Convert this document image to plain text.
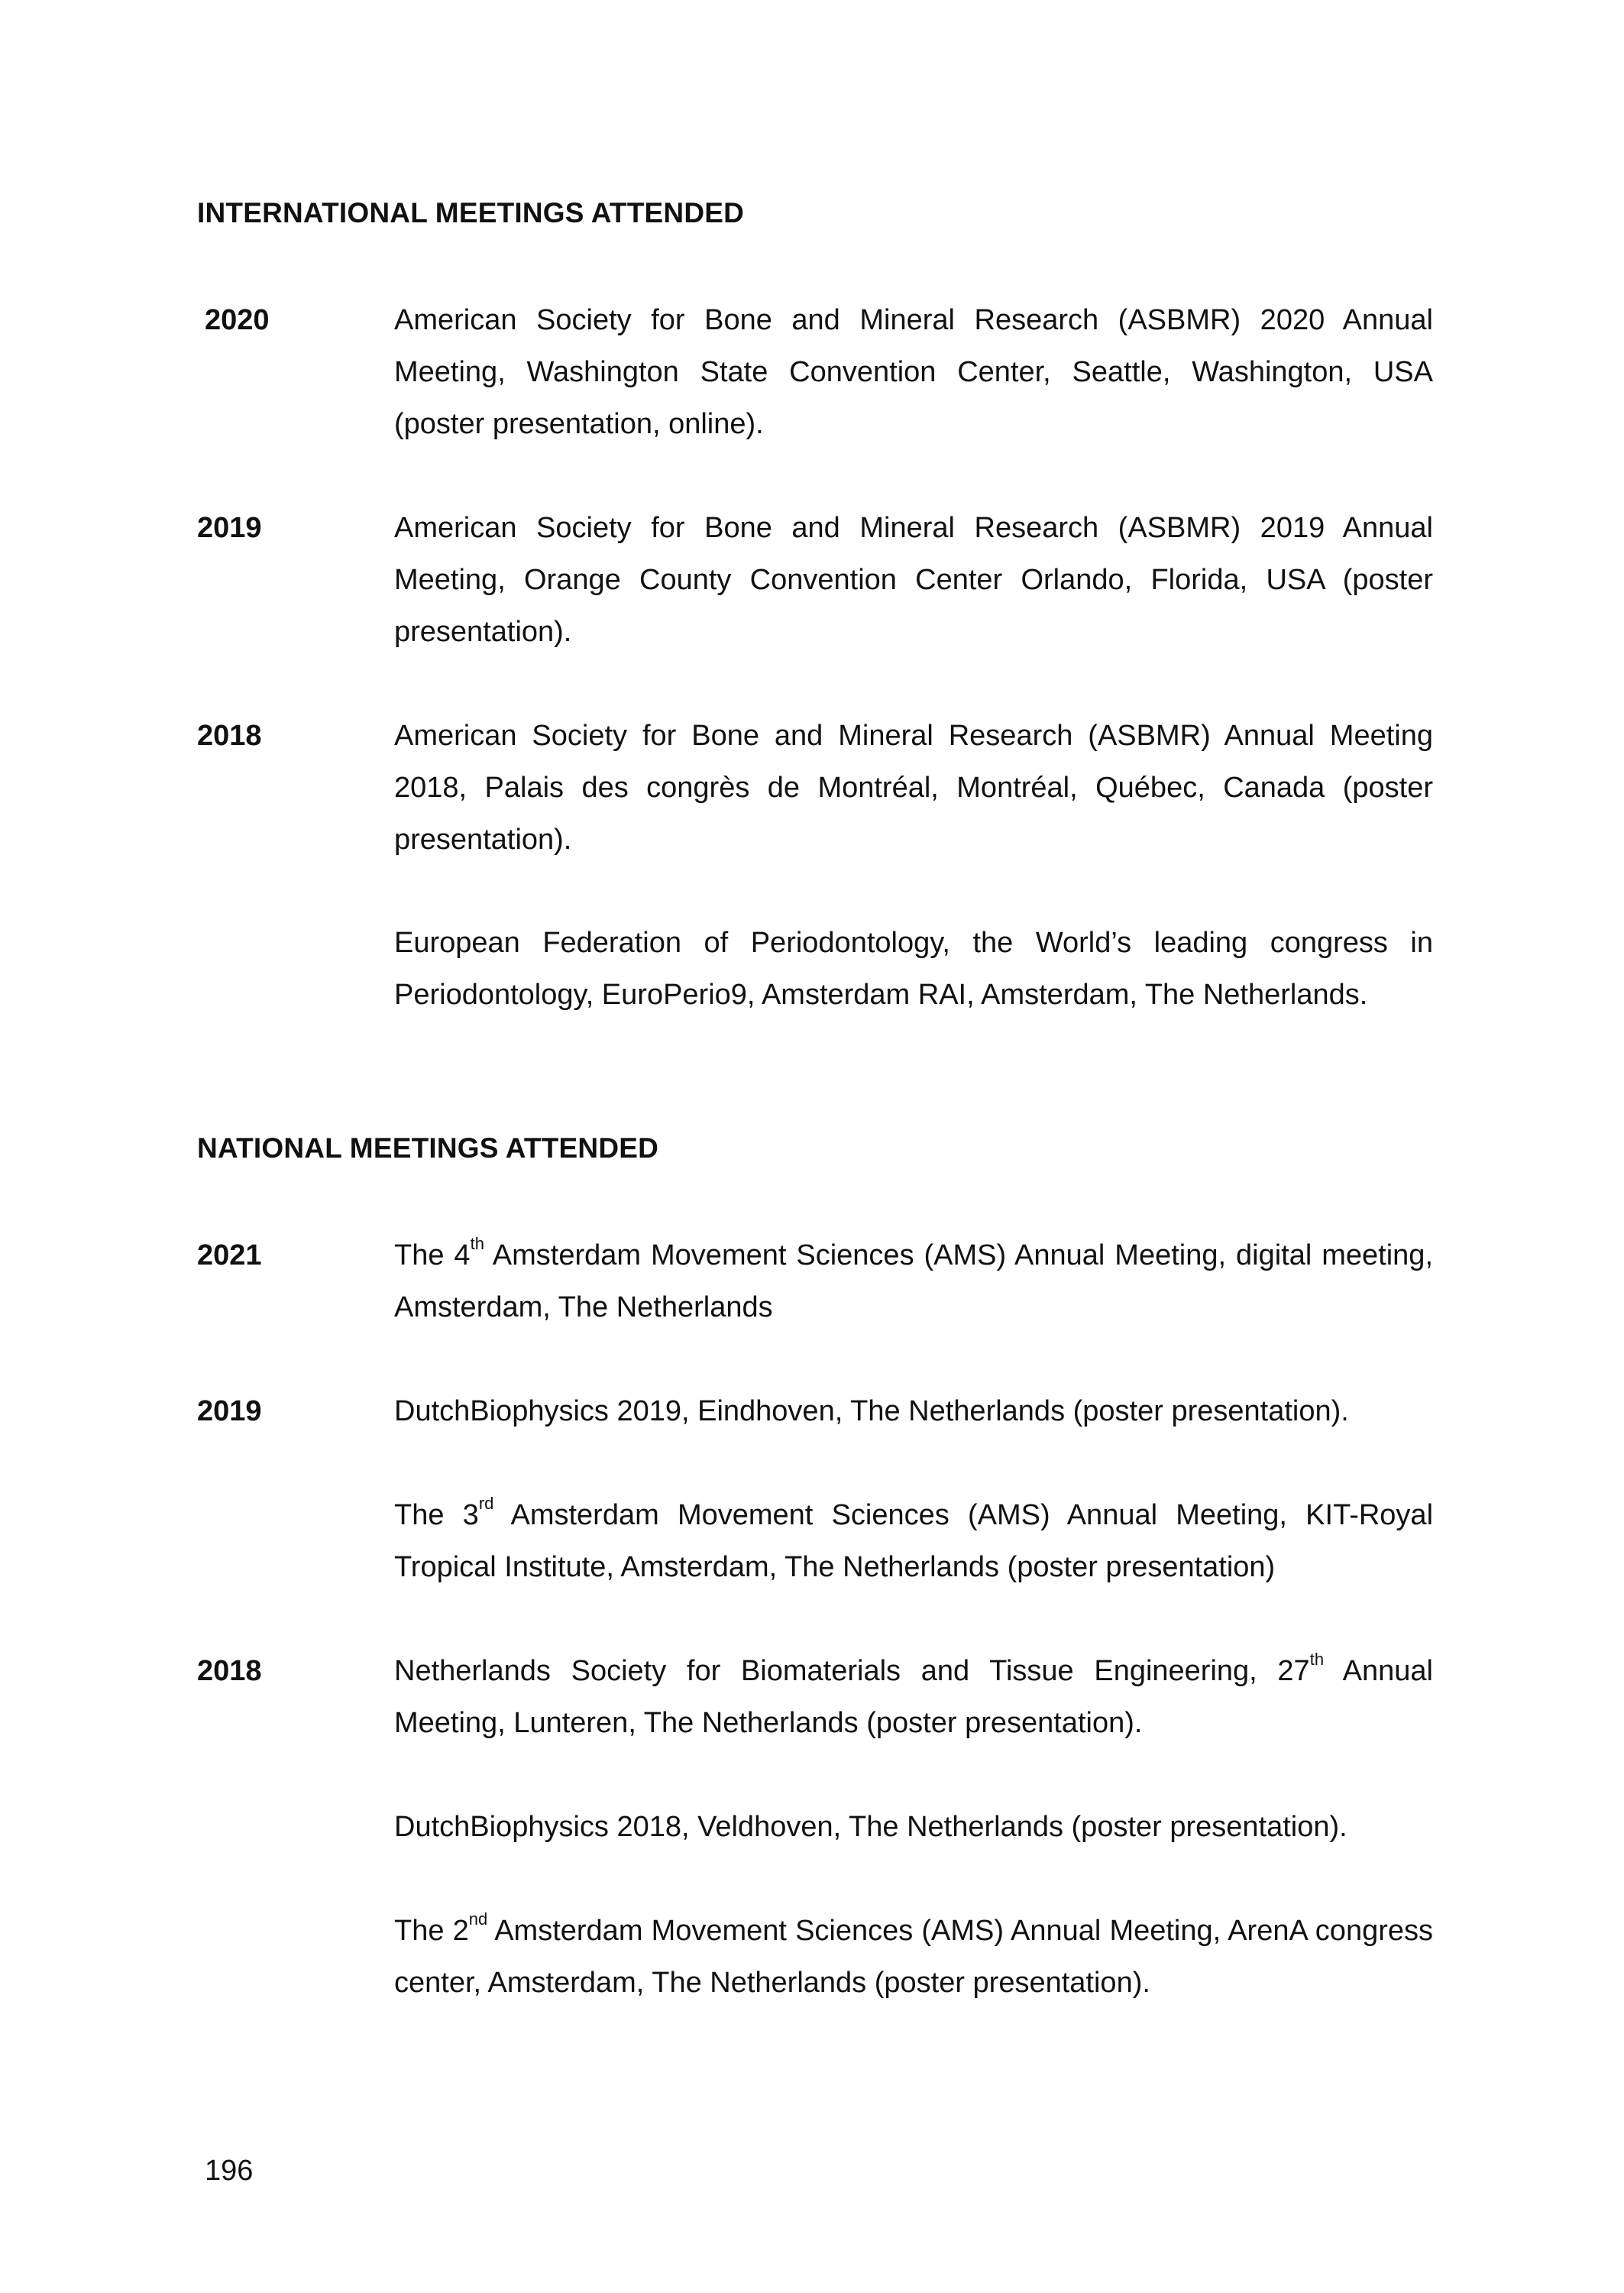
INTERNATIONAL MEETINGS ATTENDED
2020	American Society for Bone and Mineral Research (ASBMR) 2020 Annual Meeting, Washington State Convention Center, Seattle, Washington, USA (poster presentation, online).
2019	American Society for Bone and Mineral Research (ASBMR) 2019 Annual Meeting, Orange County Convention Center Orlando, Florida, USA (poster presentation).
2018	American Society for Bone and Mineral Research (ASBMR) Annual Meeting 2018, Palais des congrès de Montréal, Montréal, Québec, Canada (poster presentation).
European Federation of Periodontology, the World’s leading congress in Periodontology, EuroPerio9, Amsterdam RAI, Amsterdam, The Netherlands.
NATIONAL MEETINGS ATTENDED
2021	The 4th Amsterdam Movement Sciences (AMS) Annual Meeting, digital meeting, Amsterdam, The Netherlands
2019	DutchBiophysics 2019, Eindhoven, The Netherlands (poster presentation).
The 3rd Amsterdam Movement Sciences (AMS) Annual Meeting, KIT-Royal Tropical Institute, Amsterdam, The Netherlands (poster presentation)
2018	Netherlands Society for Biomaterials and Tissue Engineering, 27th Annual Meeting, Lunteren, The Netherlands (poster presentation).
DutchBiophysics 2018, Veldhoven, The Netherlands (poster presentation).
The 2nd Amsterdam Movement Sciences (AMS) Annual Meeting, ArenA congress center, Amsterdam, The Netherlands (poster presentation).
196
